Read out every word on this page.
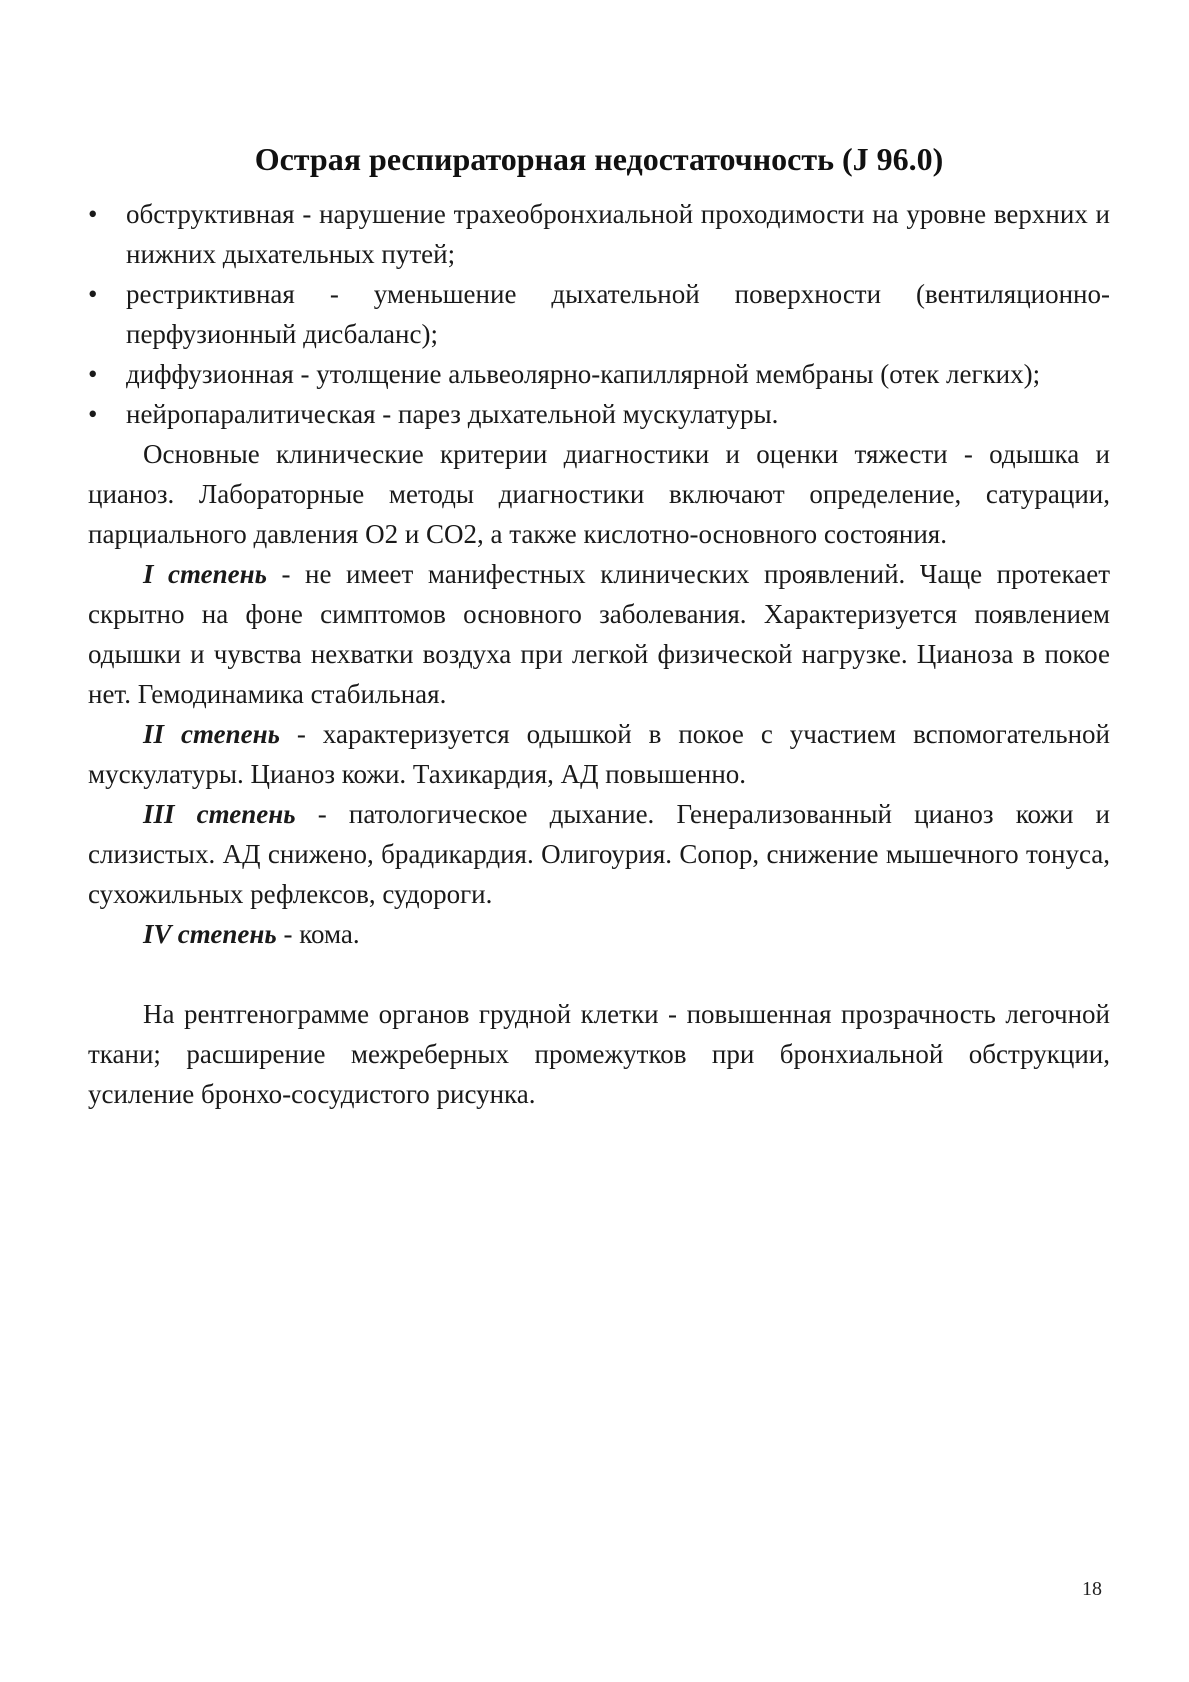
Острая респираторная недостаточность (J 96.0)
•	обструктивная - нарушение трахеобронхиальной проходимости на уровне верхних и нижних дыхательных путей;
•	рестриктивная - уменьшение дыхательной поверхности (вентиляционно-перфузионный дисбаланс);
•	диффузионная - утолщение альвеолярно-капиллярной мембраны (отек легких);
•	нейропаралитическая - парез дыхательной мускулатуры.

Основные клинические критерии диагностики и оценки тяжести - одышка и цианоз. Лабораторные методы диагностики включают определение, сатурации, парциального давления О2 и СО2, а также кислотно-основного состояния.

I степень - не имеет манифестных клинических проявлений. Чаще протекает скрытно на фоне симптомов основного заболевания. Характеризуется появлением одышки и чувства нехватки воздуха при легкой физической нагрузке. Цианоза в покое нет. Гемодинамика стабильная.

II степень - характеризуется одышкой в покое с участием вспомогательной мускулатуры. Цианоз кожи. Тахикардия, АД повышенно.

III степень - патологическое дыхание. Генерализованный цианоз кожи и слизистых. АД снижено, брадикардия. Олигоурия. Сопор, снижение мышечного тонуса, сухожильных рефлексов, судороги.

IV степень - кома.

На рентгенограмме органов грудной клетки - повышенная прозрачность легочной ткани; расширение межреберных промежутков при бронхиальной обструкции, усиление бронхо-сосудистого рисунка.

18
